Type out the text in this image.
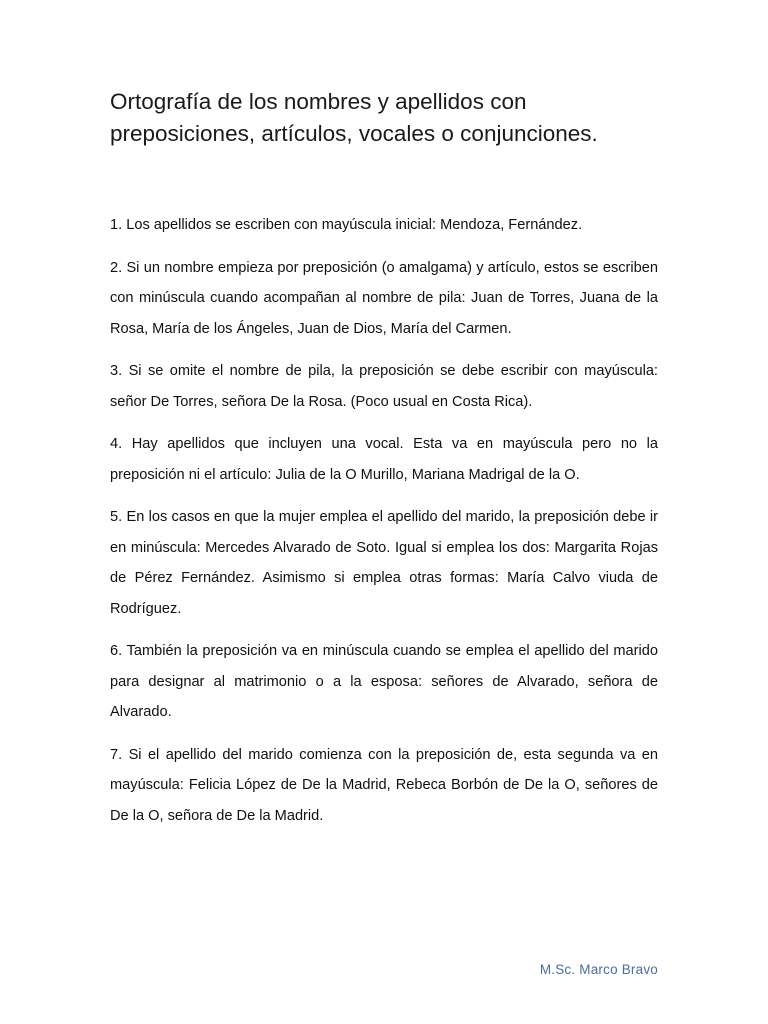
Ortografía de los nombres y apellidos con preposiciones, artículos, vocales o conjunciones.

1. Los apellidos se escriben con mayúscula inicial: Mendoza, Fernández.

2. Si un nombre empieza por preposición (o amalgama) y artículo, estos se escriben con minúscula cuando acompañan al nombre de pila: Juan de Torres, Juana de la Rosa, María de los Ángeles, Juan de Dios, María del Carmen.

3. Si se omite el nombre de pila, la preposición se debe escribir con mayúscula: señor De Torres, señora De la Rosa. (Poco usual en Costa Rica).

4. Hay apellidos que incluyen una vocal. Esta va en mayúscula pero no la preposición ni el artículo: Julia de la O Murillo, Mariana Madrigal de la O.

5. En los casos en que la mujer emplea el apellido del marido, la preposición debe ir en minúscula: Mercedes Alvarado de Soto. Igual si emplea los dos: Margarita Rojas de Pérez Fernández. Asimismo si emplea otras formas: María Calvo viuda de Rodríguez.

6. También la preposición va en minúscula cuando se emplea el apellido del marido para designar al matrimonio o a la esposa: señores de Alvarado, señora de Alvarado.

7. Si el apellido del marido comienza con la preposición de, esta segunda va en mayúscula: Felicia López de De la Madrid, Rebeca Borbón de De la O, señores de De la O, señora de De la Madrid.

M.Sc. Marco Bravo
